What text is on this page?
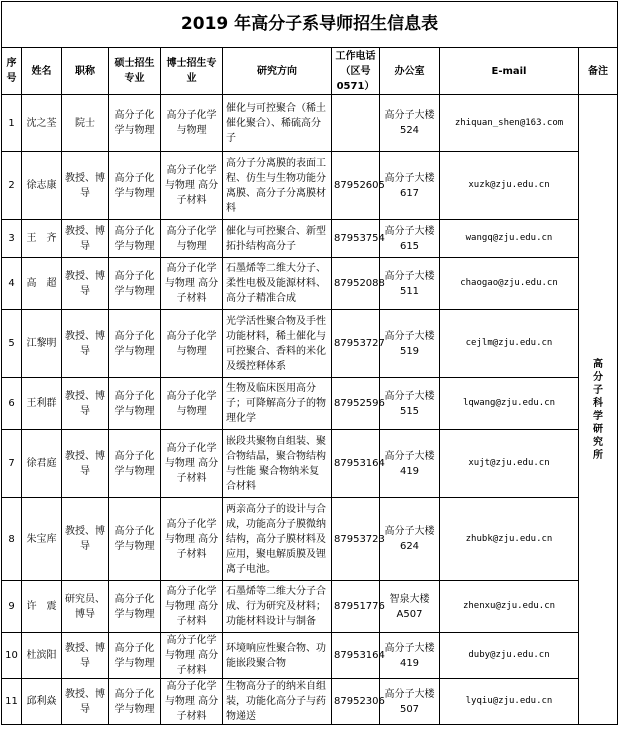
2019 年高分子系导师招生信息表									
序号	姓名	职称	硕士招生专业	博士招生专业	研究方向	工作电话（区号0571）	办公室	E-mail	备注
1	沈之荃	院士	高分子化学与物理	高分子化学与物理	催化与可控聚合（稀土催化聚合）、稀硫高分子		高分子大楼524	zhiquan_shen@163.com	高分子科学研究所
2	徐志康	教授、博导	高分子化学与物理	高分子化学与物理 高分子材料	高分子分离膜的表面工程、仿生与生物功能分离膜、高分子分离膜材料	87952605	高分子大楼617	xuzk@zju.edu.cn	
3	王　齐	教授、博导	高分子化学与物理	高分子化学与物理	催化与可控聚合、新型拓扑结构高分子	87953754	高分子大楼615	wangq@zju.edu.cn	
4	高　超	教授、博导	高分子化学与物理	高分子化学与物理 高分子材料	石墨烯等二维大分子、柔性电极及能源材料、高分子精准合成	87952088	高分子大楼511	chaogao@zju.edu.cn	
5	江黎明	教授、博导	高分子化学与物理	高分子化学与物理	光学活性聚合物及手性功能材料，稀土催化与可控聚合、香料的米化及缓控释体系	87953727	高分子大楼519	cejlm@zju.edu.cn	
6	王利群	教授、博导	高分子化学与物理	高分子化学与物理	生物及临床医用高分子；可降解高分子的物理化学	87952596	高分子大楼515	lqwang@zju.edu.cn	
7	徐君庭	教授、博导	高分子化学与物理	高分子化学与物理 高分子材料	嵌段共聚物自组装、聚合物结晶，聚合物结构与性能 聚合物纳米复合材料	87953164	高分子大楼419	xujt@zju.edu.cn	
8	朱宝库	教授、博导	高分子化学与物理	高分子化学与物理 高分子材料	两亲高分子的设计与合成，功能高分子膜微纳结构，高分子膜材料及应用，聚电解质膜及锂离子电池。	87953723	高分子大楼624	zhubk@zju.edu.cn	
9	许　震	研究员、博导	高分子化学与物理	高分子化学与物理 高分子材料	石墨烯等二维大分子合成、行为研究及材料；功能材料设计与制备	87951776	智泉大楼A507	zhenxu@zju.edu.cn	
10	杜滨阳	教授、博导	高分子化学与物理	高分子化学与物理 高分子材料	环境响应性聚合物、功能嵌段聚合物	87953164	高分子大楼419	duby@zju.edu.cn	
11	邱利焱	教授、博导	高分子化学与物理	高分子化学与物理 高分子材料	生物高分子的纳米自组装，功能化高分子与药物递送	87952306	高分子大楼507	lyqiu@zju.edu.cn	
